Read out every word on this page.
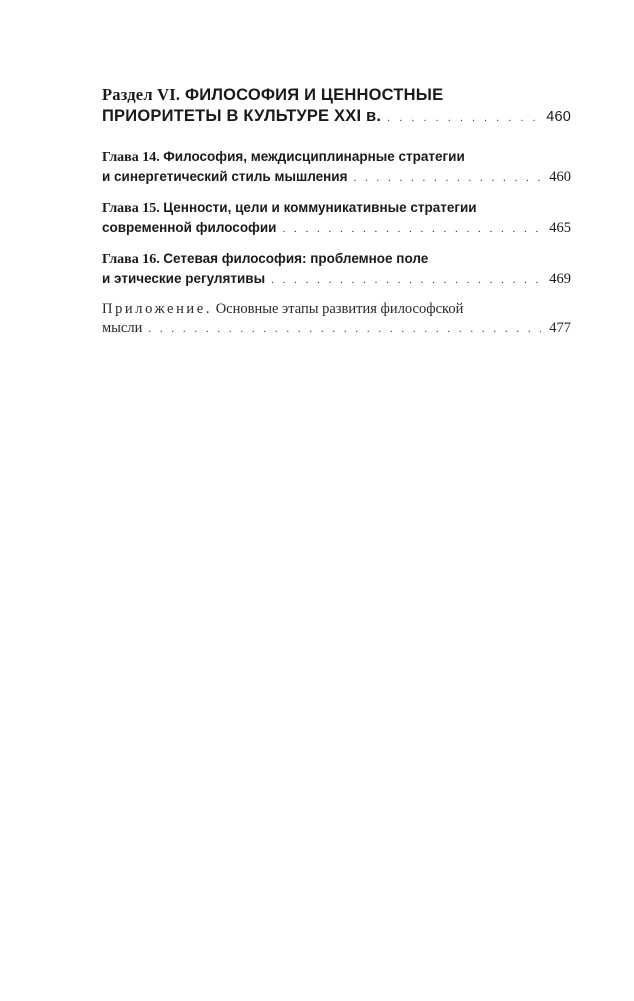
Раздел VI. ФИЛОСОФИЯ И ЦЕННОСТНЫЕ
ПРИОРИТЕТЫ В КУЛЬТУРЕ XXI в. . . .	460
Глава 14. Философия, междисциплинарные стратегии
и синергетический стиль мышления . . .	460
Глава 15. Ценности, цели и коммуникативные стратегии
современной философии . . .	465
Глава 16. Сетевая философия: проблемное поле
и этические регулятивы . . .	469
Приложение. Основные этапы развития философской
мысли . . .	477
